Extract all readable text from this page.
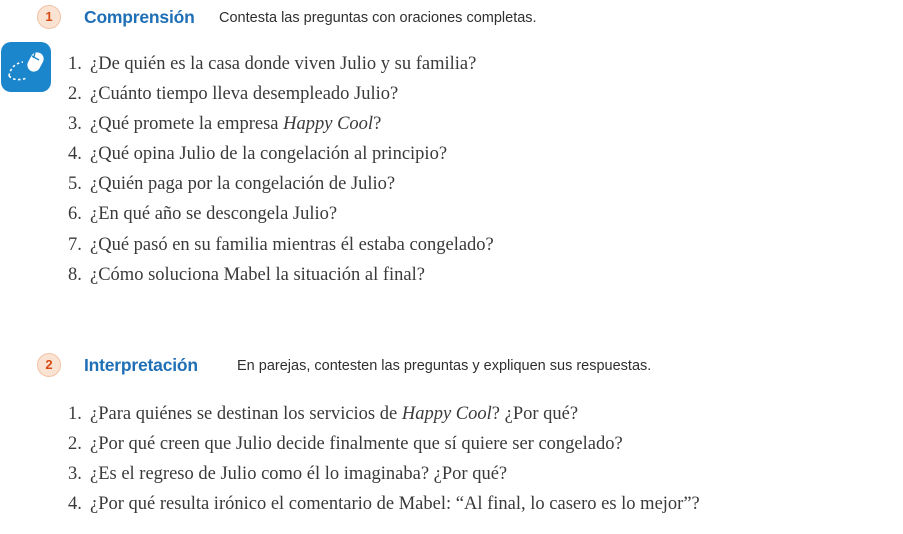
1	Comprensión Contesta las preguntas con oraciones completas.
1. ¿De quién es la casa donde viven Julio y su familia?
2. ¿Cuánto tiempo lleva desempleado Julio?
3. ¿Qué promete la empresa Happy Cool?
4. ¿Qué opina Julio de la congelación al principio?
5. ¿Quién paga por la congelación de Julio?
6. ¿En qué año se descongela Julio?
7. ¿Qué pasó en su familia mientras él estaba congelado?
8. ¿Cómo soluciona Mabel la situación al final?
2	Interpretación	En parejas, contesten las preguntas y expliquen sus respuestas.
1. ¿Para quiénes se destinan los servicios de Happy Cool? ¿Por qué?
2. ¿Por qué creen que Julio decide finalmente que sí quiere ser congelado?
3. ¿Es el regreso de Julio como él lo imaginaba? ¿Por qué?
4. ¿Por qué resulta irónico el comentario de Mabel: “Al final, lo casero es lo mejor”?
